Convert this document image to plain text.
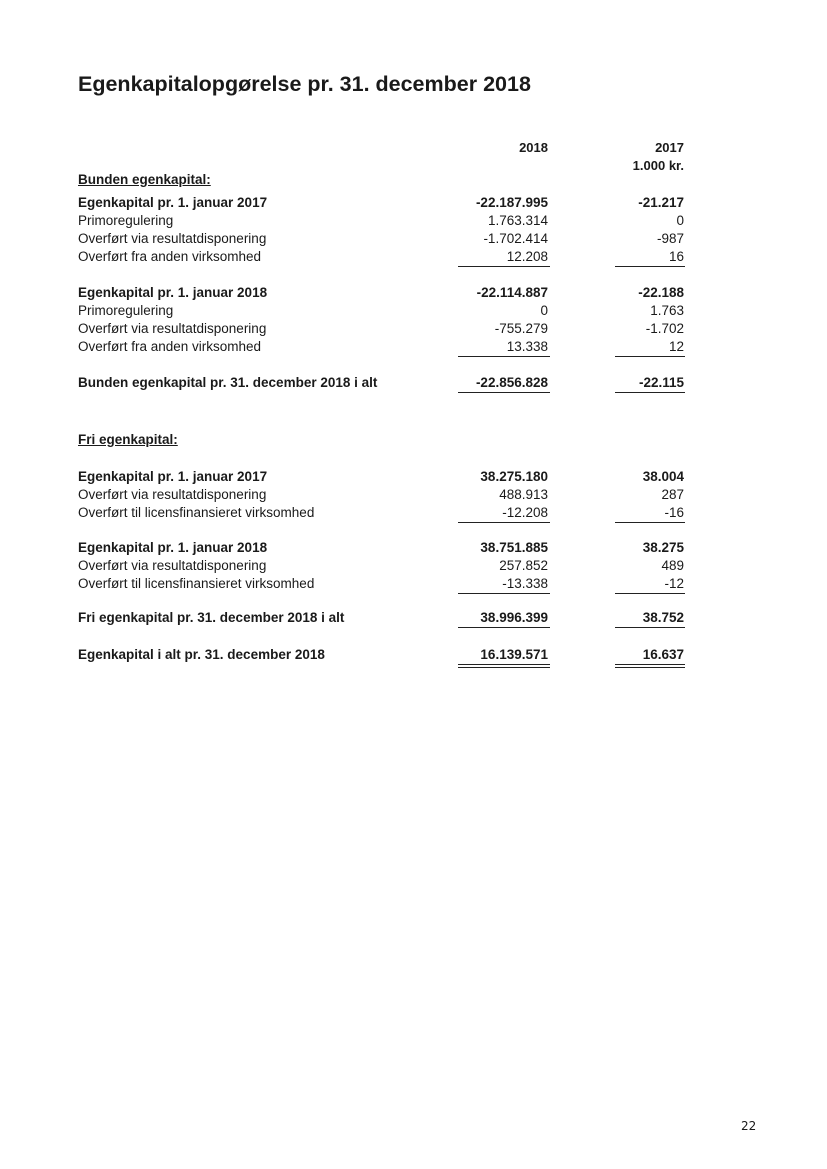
Egenkapitalopgørelse pr. 31. december 2018
2018	2017
1.000 kr.
Bunden egenkapital:
Fri egenkapital:
Egenkapital pr. 1. januar 2017	-22.187.995	-21.217
Primoregulering	1.763.314	0
Overført via resultatdisponering	-1.702.414	-987
Overført fra anden virksomhed	12.208	16
Egenkapital pr. 1. januar 2018	-22.114.887	-22.188
Primoregulering	0	1.763
Overført via resultatdisponering	-755.279	-1.702
Overført fra anden virksomhed	13.338	12
Bunden egenkapital pr. 31. december 2018 i alt	-22.856.828	-22.115
Egenkapital pr. 1. januar 2017	38.275.180	38.004
Overført via resultatdisponering	488.913	287
Overført til licensfinansieret virksomhed	-12.208	-16
Egenkapital pr. 1. januar 2018	38.751.885	38.275
Overført via resultatdisponering	257.852	489
Overført til licensfinansieret virksomhed	-13.338	-12
Fri egenkapital pr. 31. december 2018 i alt	38.996.399	38.752
Egenkapital i alt pr. 31. december 2018	16.139.571	16.637
22
